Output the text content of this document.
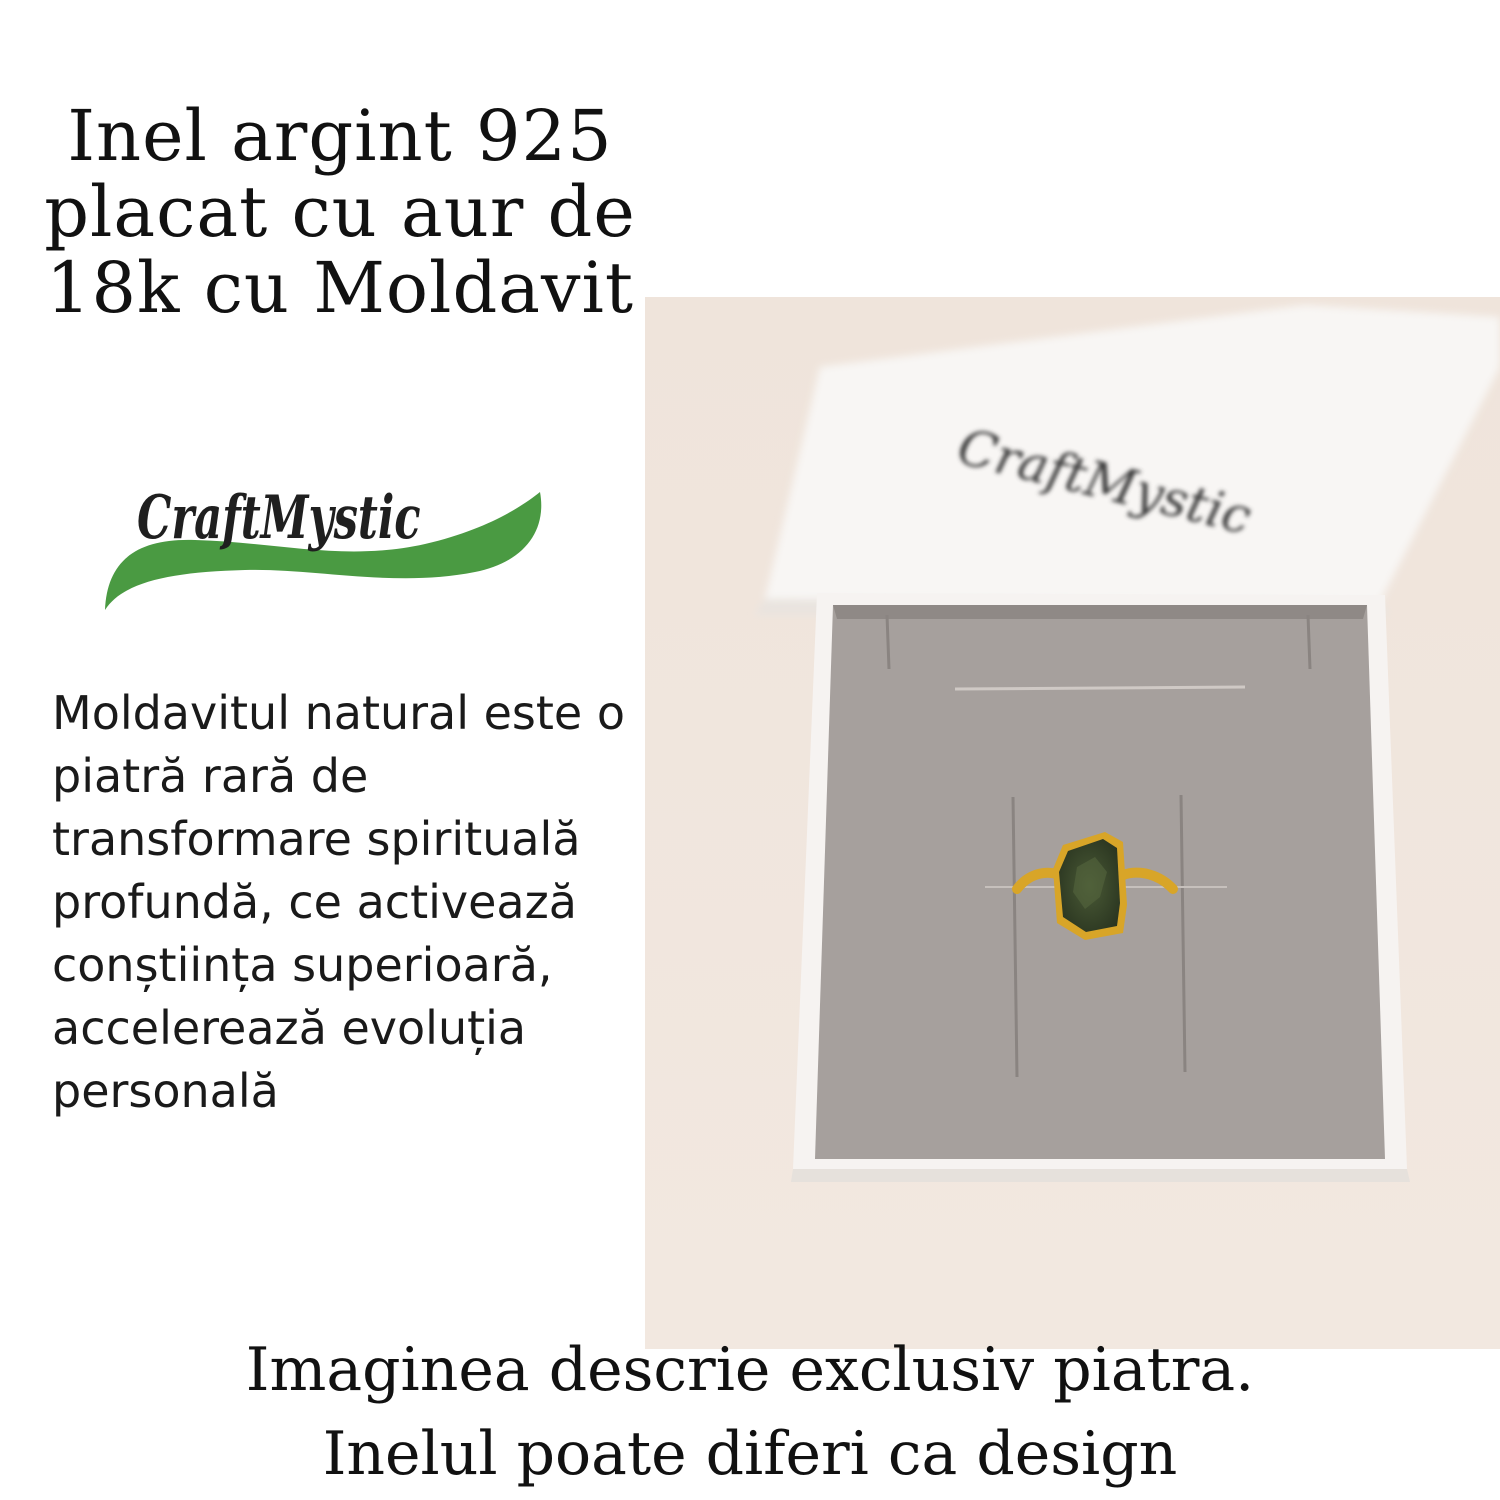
Inel argint 925
placat cu aur de
18k cu Moldavit
CraftMystic
Moldavitul natural este o piatră rară de transformare spirituală profundă, ce activează conștiința superioară, accelerează evoluția personală
CraftMystic
Imaginea descrie exclusiv piatra.
Inelul poate diferi ca design
